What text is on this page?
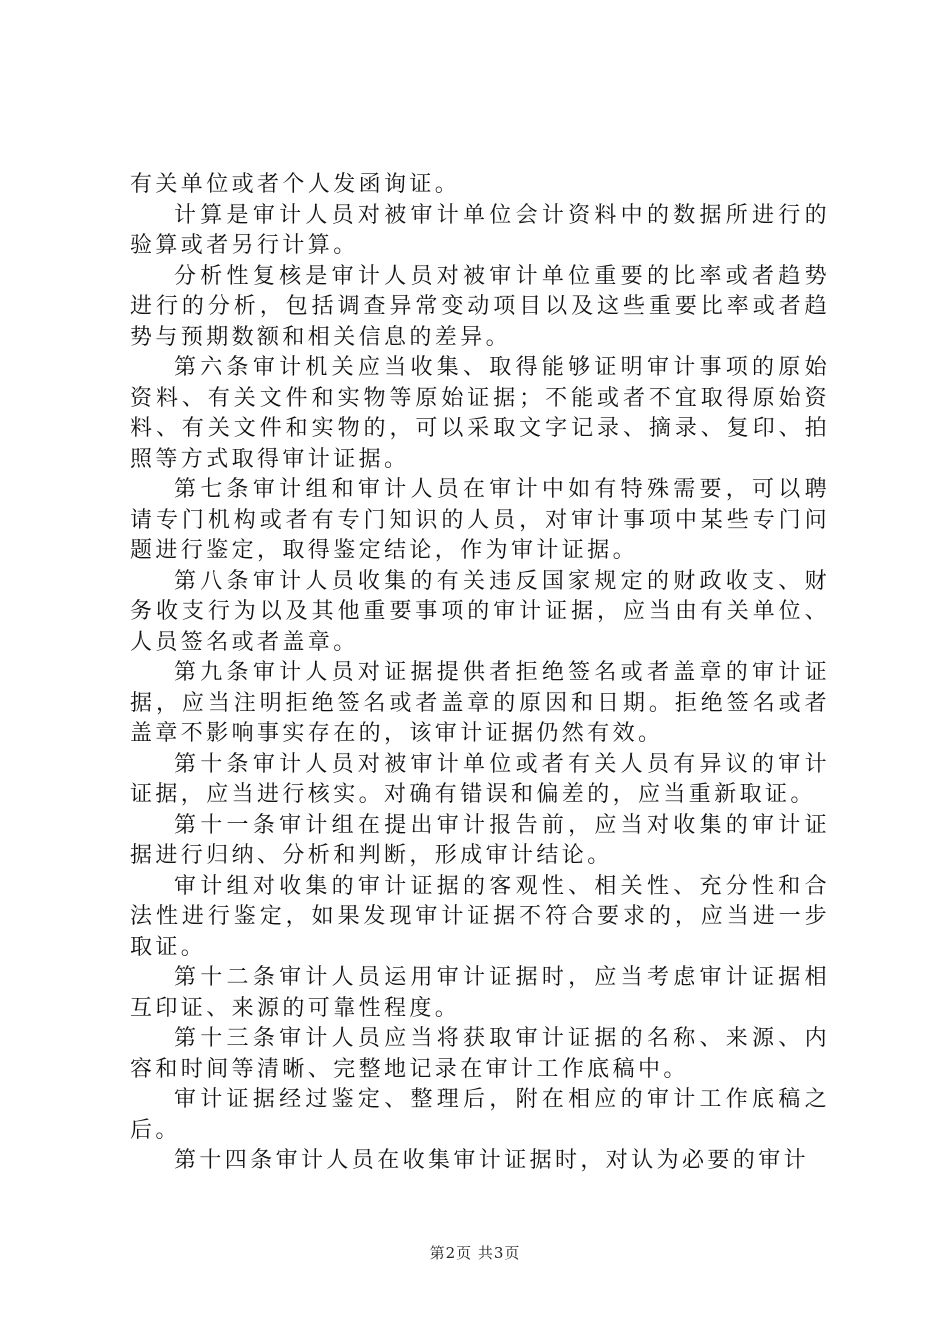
有关单位或者个人发函询证。

计算是审计人员对被审计单位会计资料中的数据所进行的验算或者另行计算。

分析性复核是审计人员对被审计单位重要的比率或者趋势进行的分析，包括调查异常变动项目以及这些重要比率或者趋势与预期数额和相关信息的差异。

第六条审计机关应当收集、取得能够证明审计事项的原始资料、有关文件和实物等原始证据；不能或者不宜取得原始资料、有关文件和实物的，可以采取文字记录、摘录、复印、拍照等方式取得审计证据。

第七条审计组和审计人员在审计中如有特殊需要，可以聘请专门机构或者有专门知识的人员，对审计事项中某些专门问题进行鉴定，取得鉴定结论，作为审计证据。

第八条审计人员收集的有关违反国家规定的财政收支、财务收支行为以及其他重要事项的审计证据，应当由有关单位、人员签名或者盖章。

第九条审计人员对证据提供者拒绝签名或者盖章的审计证据，应当注明拒绝签名或者盖章的原因和日期。拒绝签名或者盖章不影响事实存在的，该审计证据仍然有效。

第十条审计人员对被审计单位或者有关人员有异议的审计证据，应当进行核实。对确有错误和偏差的，应当重新取证。

第十一条审计组在提出审计报告前，应当对收集的审计证据进行归纳、分析和判断，形成审计结论。

审计组对收集的审计证据的客观性、相关性、充分性和合法性进行鉴定，如果发现审计证据不符合要求的，应当进一步取证。

第十二条审计人员运用审计证据时，应当考虑审计证据相互印证、来源的可靠性程度。

第十三条审计人员应当将获取审计证据的名称、来源、内容和时间等清晰、完整地记录在审计工作底稿中。

审计证据经过鉴定、整理后，附在相应的审计工作底稿之后。

第十四条审计人员在收集审计证据时，对认为必要的审计

第2页 共3页
